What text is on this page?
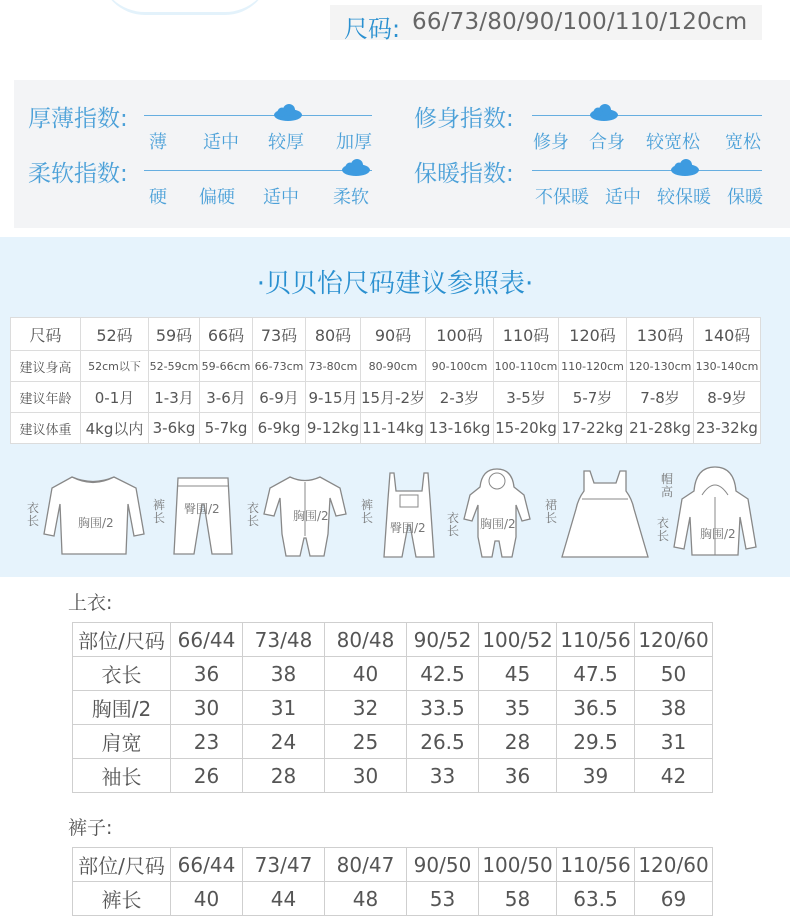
尺码: 66/73/80/90/100/110/120cm
厚薄指数:
薄	适中	较厚	加厚
柔软指数:
硬	偏硬	适中	柔软
修身指数:
修身	合身	较宽松	宽松
保暖指数:
不保暖 适中 较保暖 保暖
·贝贝怡尺码建议参照表·
尺码	52码	59码	66码	73码	80码	90码	100码	110码	120码	130码	140码
建议身高	52cm以下	52-59cm	59-66cm	66-73cm	73-80cm	80-90cm	90-100cm	100-110cm	110-120cm	120-130cm	130-140cm
建议年龄	0-1月	1-3月	3-6月	6-9月	9-15月	15月-2岁	2-3岁	3-5岁	5-7岁	7-8岁	8-9岁
建议体重	4kg以内	3-6kg	5-7kg	6-9kg	9-12kg	11-14kg	13-16kg	15-20kg	17-22kg	21-28kg	23-32kg
衣长	胸围/2
裤长
臀围/2 衣长	胸围/2
裤长
臀围/2
衣长 胸围/2
裙长
帽高
衣长	胸围/2
上衣:
部位/尺码	66/44	73/48	80/48	90/52	100/52	110/56	120/60
衣长	36	38	40	42.5	45	47.5	50
胸围/2	30	31	32	33.5	35	36.5	38
肩宽	23	24	25	26.5	28	29.5	31
袖长	26	28	30	33	36	39	42
裤子:
部位/尺码	66/44	73/47	80/47	90/50	100/50	110/56	120/60
裤长	40	44	48	53	58	63.5	69
